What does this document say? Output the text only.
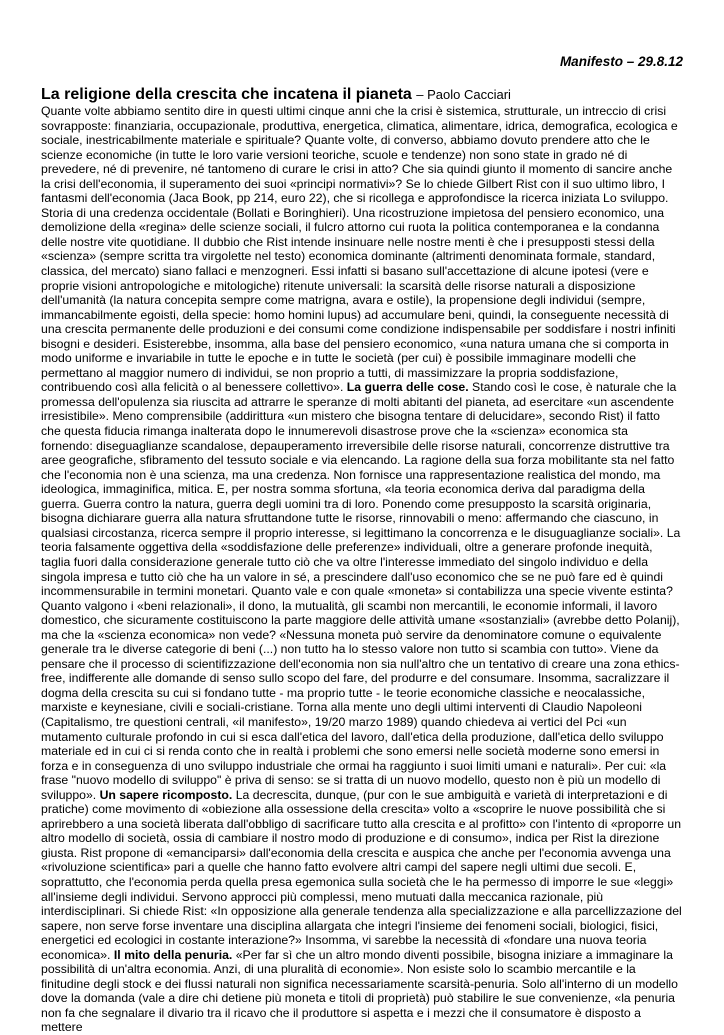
Manifesto – 29.8.12

La religione della crescita che incatena il pianeta – Paolo Cacciari

Quante volte abbiamo sentito dire in questi ultimi cinque anni che la crisi è sistemica, strutturale, un intreccio di crisi sovrapposte: finanziaria, occupazionale, produttiva, energetica, climatica, alimentare, idrica, demografica, ecologica e sociale, inestricabilmente materiale e spirituale? Quante volte, di converso, abbiamo dovuto prendere atto che le scienze economiche (in tutte le loro varie versioni teoriche, scuole e tendenze) non sono state in grado né di prevedere, né di prevenire, né tantomeno di curare le crisi in atto? Che sia quindi giunto il momento di sancire anche la crisi dell'economia, il superamento dei suoi «principi normativi»? Se lo chiede Gilbert Rist con il suo ultimo libro, I fantasmi dell'economia (Jaca Book, pp 214, euro 22), che si ricollega e approfondisce la ricerca iniziata Lo sviluppo. Storia di una credenza occidentale (Bollati e Boringhieri). Una ricostruzione impietosa del pensiero economico, una demolizione della «regina» delle scienze sociali, il fulcro attorno cui ruota la politica contemporanea e la condanna delle nostre vite quotidiane. Il dubbio che Rist intende insinuare nelle nostre menti è che i presupposti stessi della «scienza» (sempre scritta tra virgolette nel testo) economica dominante (altrimenti denominata formale, standard, classica, del mercato) siano fallaci e menzogneri. Essi infatti si basano sull'accettazione di alcune ipotesi (vere e proprie visioni antropologiche e mitologiche) ritenute universali: la scarsità delle risorse naturali a disposizione dell'umanità (la natura concepita sempre come matrigna, avara e ostile), la propensione degli individui (sempre, immancabilmente egoisti, della specie: homo homini lupus) ad accumulare beni, quindi, la conseguente necessità di una crescita permanente delle produzioni e dei consumi come condizione indispensabile per soddisfare i nostri infiniti bisogni e desideri. Esisterebbe, insomma, alla base del pensiero economico, «una natura umana che si comporta in modo uniforme e invariabile in tutte le epoche e in tutte le società (per cui) è possibile immaginare modelli che permettano al maggior numero di individui, se non proprio a tutti, di massimizzare la propria soddisfazione, contribuendo così alla felicità o al benessere collettivo». La guerra delle cose. Stando così le cose, è naturale che la promessa dell'opulenza sia riuscita ad attrarre le speranze di molti abitanti del pianeta, ad esercitare «un ascendente irresistibile». Meno comprensibile (addirittura «un mistero che bisogna tentare di delucidare», secondo Rist) il fatto che questa fiducia rimanga inalterata dopo le innumerevoli disastrose prove che la «scienza» economica sta fornendo: diseguaglianze scandalose, depauperamento irreversibile delle risorse naturali, concorrenze distruttive tra aree geografiche, sfibramento del tessuto sociale e via elencando. La ragione della sua forza mobilitante sta nel fatto che l'economia non è una scienza, ma una credenza. Non fornisce una rappresentazione realistica del mondo, ma ideologica, immaginifica, mitica. E, per nostra somma sfortuna, «la teoria economica deriva dal paradigma della guerra. Guerra contro la natura, guerra degli uomini tra di loro. Ponendo come presupposto la scarsità originaria, bisogna dichiarare guerra alla natura sfruttandone tutte le risorse, rinnovabili o meno: affermando che ciascuno, in qualsiasi circostanza, ricerca sempre il proprio interesse, si legittimano la concorrenza e le disuguaglianze sociali». La teoria falsamente oggettiva della «soddisfazione delle preferenze» individuali, oltre a generare profonde inequità, taglia fuori dalla considerazione generale tutto ciò che va oltre l'interesse immediato del singolo individuo e della singola impresa e tutto ciò che ha un valore in sé, a prescindere dall'uso economico che se ne può fare ed è quindi incommensurabile in termini monetari. Quanto vale e con quale «moneta» si contabilizza una specie vivente estinta? Quanto valgono i «beni relazionali», il dono, la mutualità, gli scambi non mercantili, le economie informali, il lavoro domestico, che sicuramente costituiscono la parte maggiore delle attività umane «sostanziali» (avrebbe detto Polanij), ma che la «scienza economica» non vede? «Nessuna moneta può servire da denominatore comune o equivalente generale tra le diverse categorie di beni (...) non tutto ha lo stesso valore non tutto si scambia con tutto». Viene da pensare che il processo di scientifizzazione dell'economia non sia null'altro che un tentativo di creare una zona ethics-free, indifferente alle domande di senso sullo scopo del fare, del produrre e del consumare. Insomma, sacralizzare il dogma della crescita su cui si fondano tutte - ma proprio tutte - le teorie economiche classiche e neocalassiche, marxiste e keynesiane, civili e sociali-cristiane. Torna alla mente uno degli ultimi interventi di Claudio Napoleoni (Capitalismo, tre questioni centrali, «il manifesto», 19/20 marzo 1989) quando chiedeva ai vertici del Pci «un mutamento culturale profondo in cui si esca dall'etica del lavoro, dall'etica della produzione, dall'etica dello sviluppo materiale ed in cui ci si renda conto che in realtà i problemi che sono emersi nelle società moderne sono emersi in forza e in conseguenza di uno sviluppo industriale che ormai ha raggiunto i suoi limiti umani e naturali». Per cui: «la frase "nuovo modello di sviluppo" è priva di senso: se si tratta di un nuovo modello, questo non è più un modello di sviluppo». Un sapere ricomposto. La decrescita, dunque, (pur con le sue ambiguità e varietà di interpretazioni e di pratiche) come movimento di «obiezione alla ossessione della crescita» volto a «scoprire le nuove possibilità che si aprirebbero a una società liberata dall'obbligo di sacrificare tutto alla crescita e al profitto» con l'intento di «proporre un altro modello di società, ossia di cambiare il nostro modo di produzione e di consumo», indica per Rist la direzione giusta. Rist propone di «emanciparsi» dall'economia della crescita e auspica che anche per l'economia avvenga una «rivoluzione scientifica» pari a quelle che hanno fatto evolvere altri campi del sapere negli ultimi due secoli. E, soprattutto, che l'economia perda quella presa egemonica sulla società che le ha permesso di imporre le sue «leggi» all'insieme degli individui. Servono approcci più complessi, meno mutuati dalla meccanica razionale, più interdisciplinari. Si chiede Rist: «In opposizione alla generale tendenza alla specializzazione e alla parcellizzazione del sapere, non serve forse inventare una disciplina allargata che integri l'insieme dei fenomeni sociali, biologici, fisici, energetici ed ecologici in costante interazione?» Insomma, vi sarebbe la necessità di «fondare una nuova teoria economica». Il mito della penuria. «Per far sì che un altro mondo diventi possibile, bisogna iniziare a immaginare la possibilità di un'altra economia. Anzi, di una pluralità di economie». Non esiste solo lo scambio mercantile e la finitudine degli stock e dei flussi naturali non significa necessariamente scarsità-penuria. Solo all'interno di un modello dove la domanda (vale a dire chi detiene più moneta e titoli di proprietà) può stabilire le sue convenienze, «la penuria non fa che segnalare il divario tra il ricavo che il produttore si aspetta e i mezzi che il consumatore è disposto a mettere
